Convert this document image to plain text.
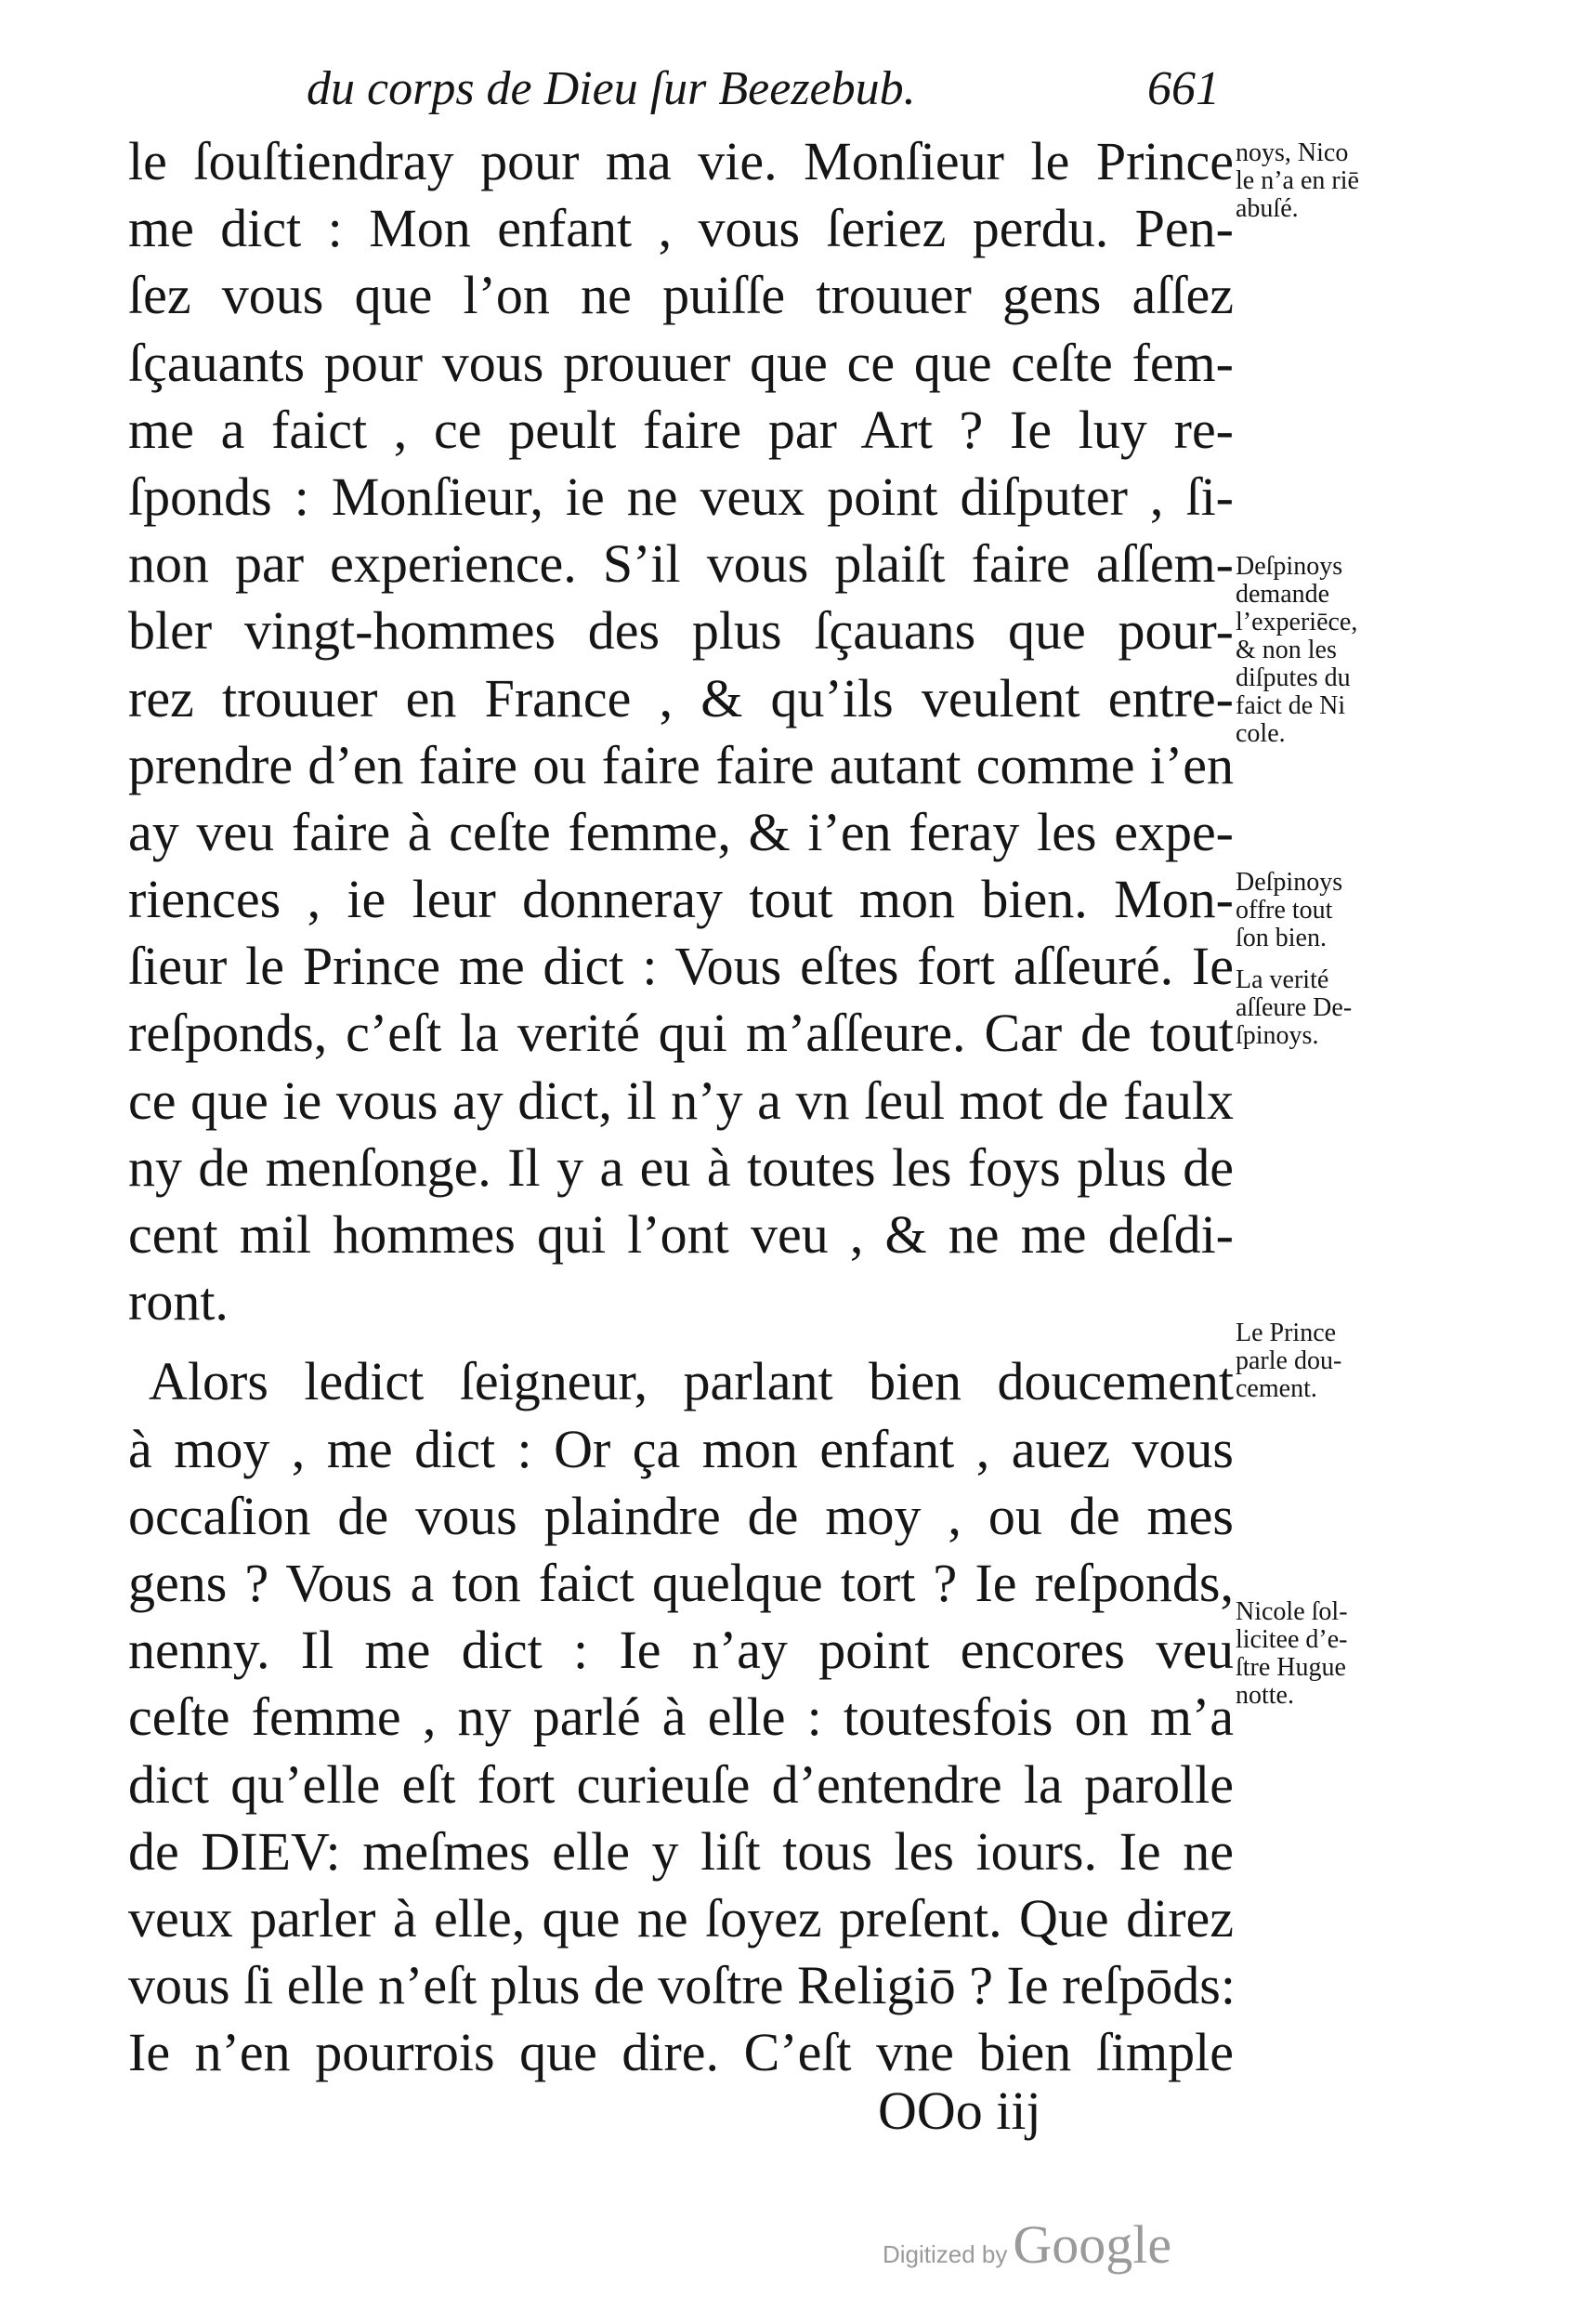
du corps de Dieu ſur Beezebub.	661
le ſouſtiendray pour ma vie. Monſieur le Prince
me dict : Mon enfant , vous ſeriez perdu. Pen-
ſez vous que l’on ne puiſſe trouuer gens aſſez
ſçauants pour vous prouuer que ce que ceſte fem-
me a faict , ce peult faire par Art ? Ie luy re-
ſponds : Monſieur, ie ne veux point diſputer , ſi-
non par experience. S’il vous plaiſt faire aſſem-
bler vingt-hommes des plus ſçauans que pour-
rez trouuer en France , & qu’ils veulent entre-
prendre d’en faire ou faire faire autant comme i’en
ay veu faire à ceſte femme, & i’en feray les expe-
riences , ie leur donneray tout mon bien. Mon-
ſieur le Prince me dict : Vous eſtes fort aſſeuré. Ie
reſponds, c’eſt la verité qui m’aſſeure. Car de tout
ce que ie vous ay dict, il n’y a vn ſeul mot de faulx
ny de menſonge. Il y a eu à toutes les foys plus de
cent mil hommes qui l’ont veu , & ne me deſdi-
ront.
Alors ledict ſeigneur, parlant bien doucement
à moy , me dict : Or ça mon enfant , auez vous
occaſion de vous plaindre de moy , ou de mes
gens ? Vous a ton faict quelque tort ? Ie reſponds,
nenny. Il me dict : Ie n’ay point encores veu
ceſte femme , ny parlé à elle : toutesfois on m’a
dict qu’elle eſt fort curieuſe d’entendre la parolle
de DIEV: meſmes elle y liſt tous les iours. Ie ne
veux parler à elle, que ne ſoyez preſent. Que direz
vous ſi elle n’eſt plus de voſtre Religiō ? Ie reſpōds:
Ie n’en pourrois que dire. C’eſt vne bien ſimple
noys, Nico
le n’a en riē
abuſé.
Deſpinoys
demande
l’experiēce,
& non les
diſputes du
faict de Ni
cole.
Deſpinoys
offre tout
ſon bien.
La verité
aſſeure De-
ſpinoys.
Le Prince
parle dou-
cement.
Nicole ſol-
licitee d’e-
ſtre Hugue
notte.
OOo iij
Digitized by Google
